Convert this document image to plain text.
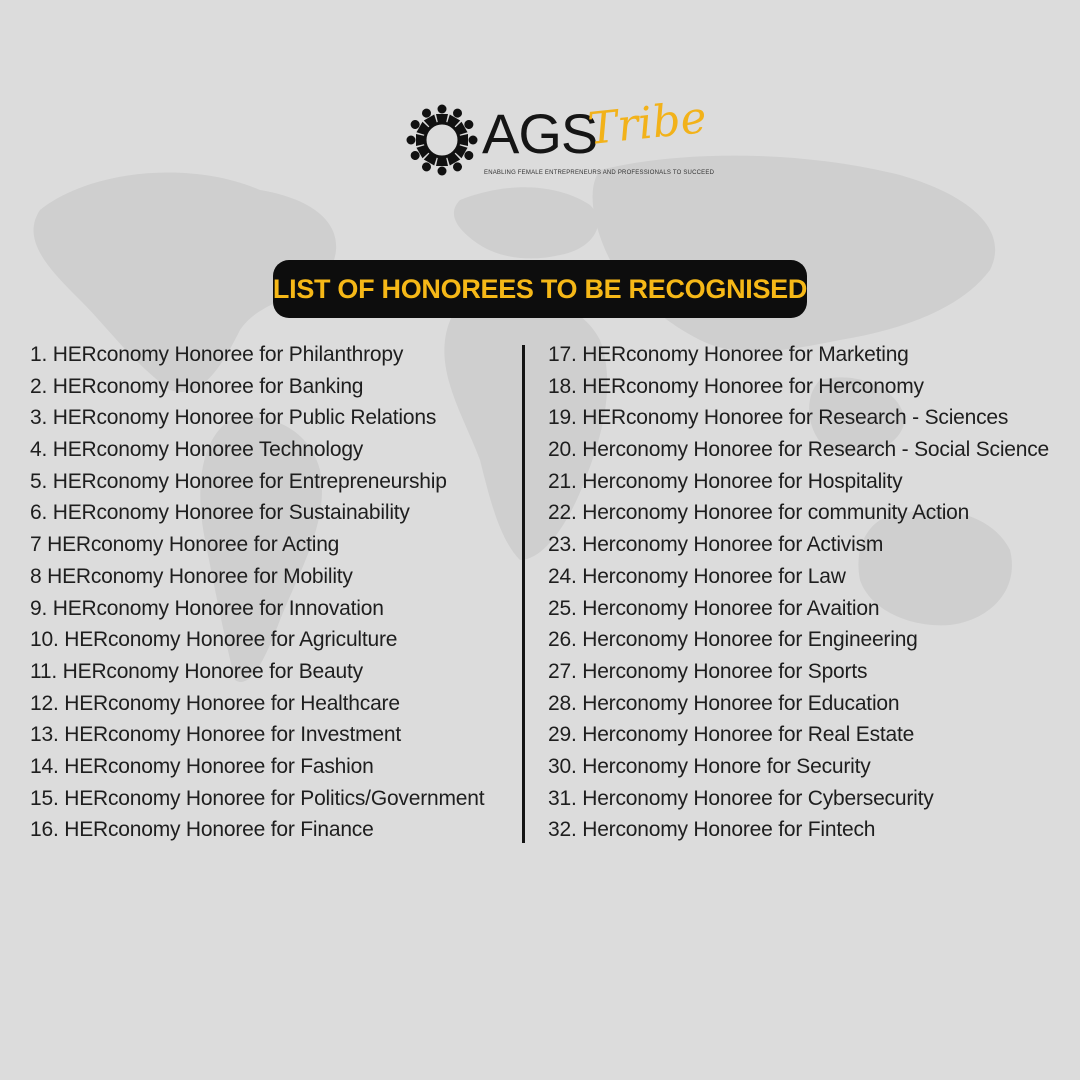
AGS
Tribe
ENABLING FEMALE ENTREPRENEURS AND PROFESSIONALS TO SUCCEED
LIST OF HONOREES TO BE RECOGNISED
1. HERconomy Honoree for Philanthropy
2. HERconomy Honoree for Banking
3. HERconomy Honoree for Public Relations
4. HERconomy Honoree Technology
5. HERconomy Honoree for Entrepreneurship
6. HERconomy Honoree for Sustainability
7 HERconomy Honoree for Acting
8 HERconomy Honoree for Mobility
9. HERconomy Honoree for Innovation
10. HERconomy Honoree for Agriculture
11. HERconomy Honoree for Beauty
12. HERconomy Honoree for Healthcare
13. HERconomy Honoree for Investment
14. HERconomy Honoree for Fashion
15. HERconomy Honoree for Politics/Government
16. HERconomy Honoree for Finance
17. HERconomy Honoree for Marketing
18. HERconomy Honoree for Herconomy
19. HERconomy Honoree for Research - Sciences
20. Herconomy Honoree for Research - Social Science
21. Herconomy Honoree for Hospitality
22. Herconomy Honoree for community Action
23. Herconomy Honoree for Activism
24. Herconomy Honoree for Law
25. Herconomy Honoree for Avaition
26. Herconomy Honoree for Engineering
27. Herconomy Honoree for Sports
28. Herconomy Honoree for Education
29. Herconomy Honoree for Real Estate
30. Herconomy Honore for Security
31. Herconomy Honoree for Cybersecurity
32. Herconomy Honoree for Fintech
